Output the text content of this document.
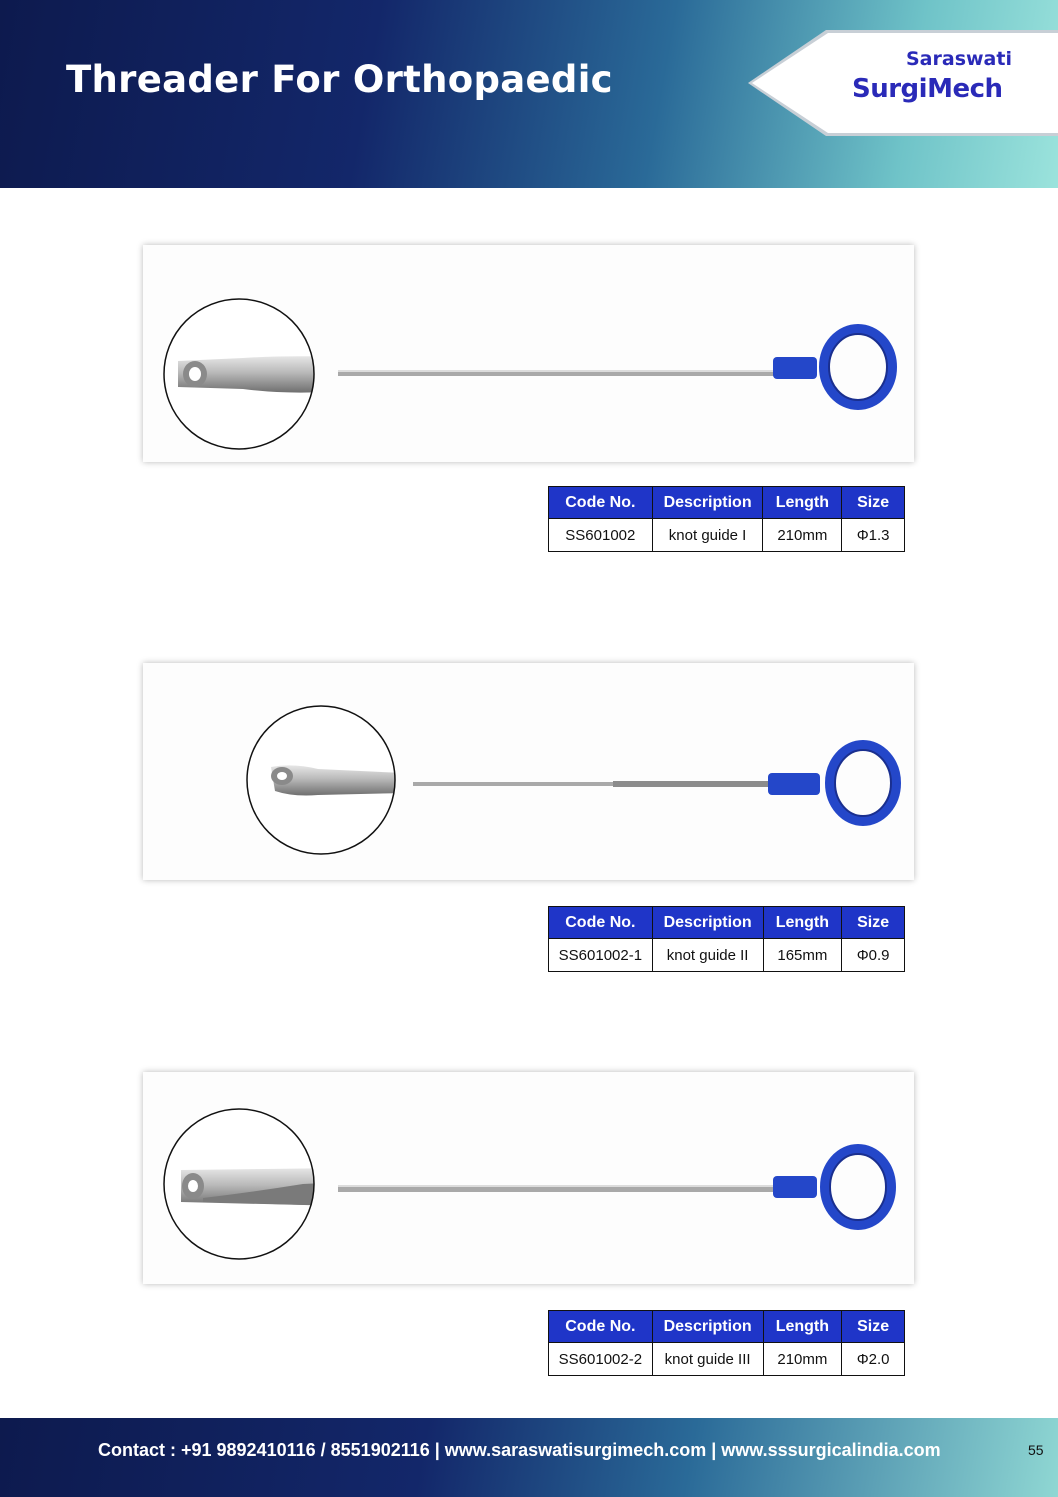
Threader For Orthopaedic	Saraswati
SurgiMech
Code No.	Description	Length	Size
SS601002	knot guide I	210mm	Φ1.3
Code No.	Description	Length	Size
SS601002-1	knot guide II	165mm	Φ0.9
Code No.	Description	Length	Size
SS601002-2	knot guide III	210mm	Φ2.0
Contact : +91 9892410116 / 8551902116 | www.saraswatisurgimech.com | www.sssurgicalindia.com	55
